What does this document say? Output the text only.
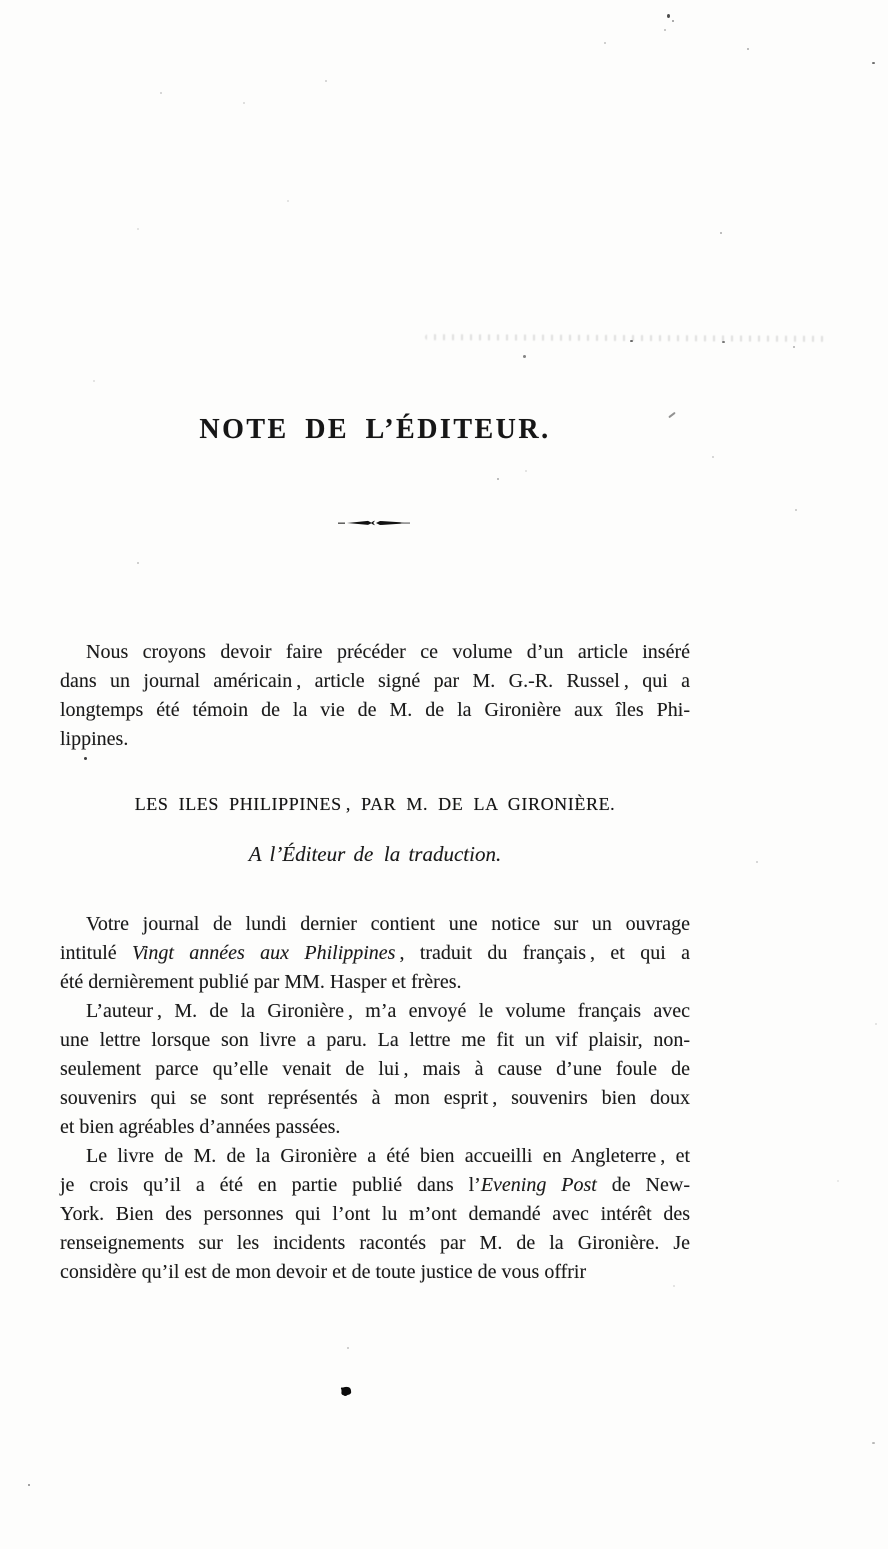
NOTE DE L’ÉDITEUR.
Nous croyons devoir faire précéder ce volume d’un article inséré
dans un journal américain , article signé par M. G.-R. Russel , qui a
longtemps été témoin de la vie de M. de la Gironière aux îles Phi-
lippines.
LES ILES PHILIPPINES , PAR M. DE LA GIRONIÈRE.
A l’Éditeur de la traduction.
Votre journal de lundi dernier contient une notice sur un ouvrage
intitulé Vingt années aux Philippines , traduit du français , et qui a
été dernièrement publié par MM. Hasper et frères.
L’auteur , M. de la Gironière , m’a envoyé le volume français avec
une lettre lorsque son livre a paru. La lettre me fit un vif plaisir, non-
seulement parce qu’elle venait de lui , mais à cause d’une foule de
souvenirs qui se sont représentés à mon esprit , souvenirs bien doux
et bien agréables d’années passées.
Le livre de M. de la Gironière a été bien accueilli en Angleterre , et
je crois qu’il a été en partie publié dans l’Evening Post de New-
York. Bien des personnes qui l’ont lu m’ont demandé avec intérêt des
renseignements sur les incidents racontés par M. de la Gironière. Je
considère qu’il est de mon devoir et de toute justice de vous offrir
